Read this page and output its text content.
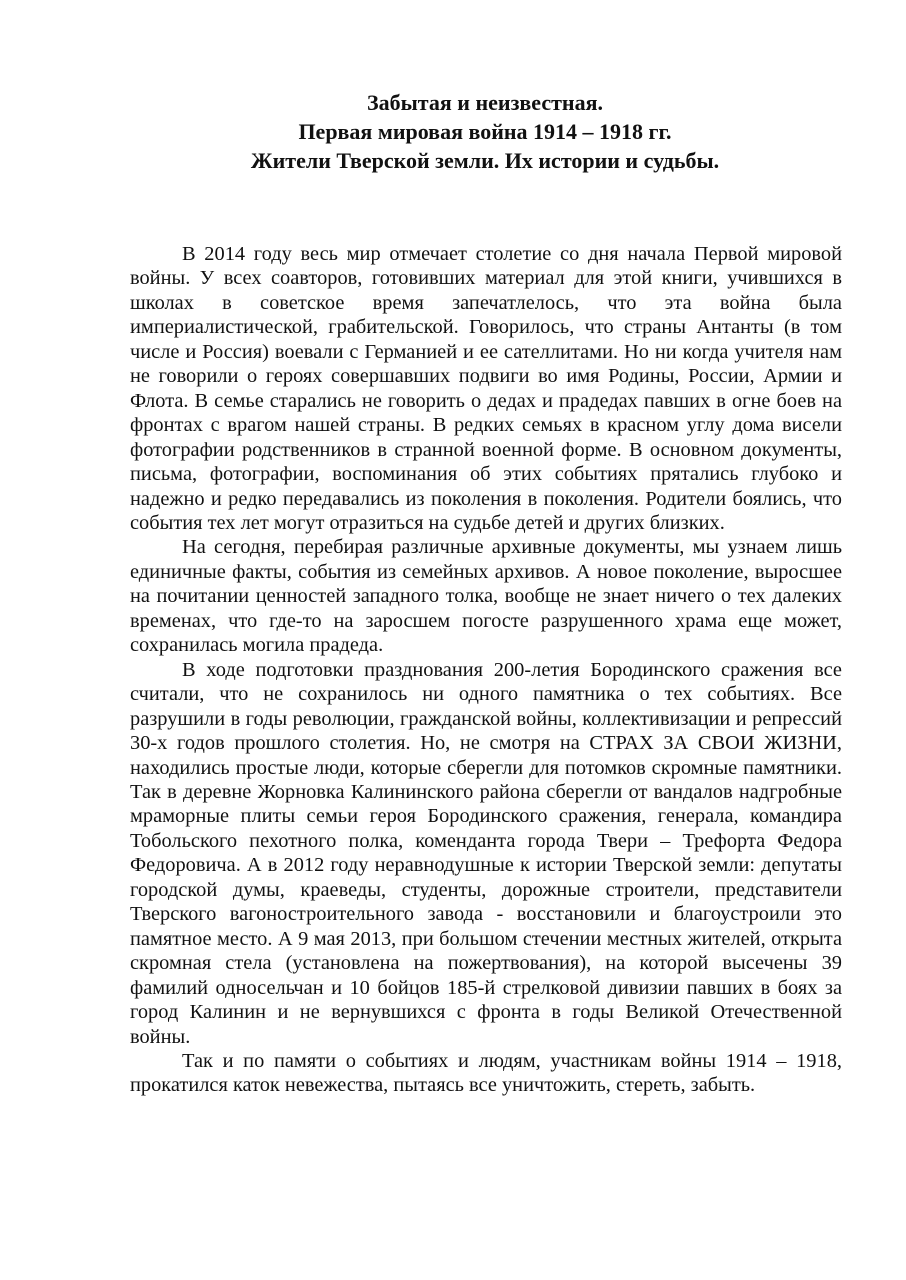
Забытая и неизвестная.
Первая мировая война 1914 – 1918 гг.
Жители Тверской земли. Их истории и судьбы.

В 2014 году весь мир отмечает столетие со дня начала Первой мировой войны. У всех соавторов, готовивших материал для этой книги, учившихся в школах в советское время запечатлелось, что эта война была империалистической, грабительской. Говорилось, что страны Антанты (в том числе и Россия) воевали с Германией и ее сателлитами. Но ни когда учителя нам не говорили о героях совершавших подвиги во имя Родины, России, Армии и Флота. В семье старались не говорить о дедах и прадедах павших в огне боев на фронтах с врагом нашей страны. В редких семьях в красном углу дома висели фотографии родственников в странной военной форме. В основном документы, письма, фотографии, воспоминания об этих событиях прятались глубоко и надежно и редко передавались из поколения в поколения. Родители боялись, что события тех лет могут отразиться на судьбе детей и других близких.

На сегодня, перебирая различные архивные документы, мы узнаем лишь единичные факты, события из семейных архивов. А новое поколение, выросшее на почитании ценностей западного толка, вообще не знает ничего о тех далеких временах, что где-то на заросшем погосте разрушенного храма еще может, сохранилась могила прадеда.

В ходе подготовки празднования 200-летия Бородинского сражения все считали, что не сохранилось ни одного памятника о тех событиях. Все разрушили в годы революции, гражданской войны, коллективизации и репрессий 30-х годов прошлого столетия. Но, не смотря на СТРАХ ЗА СВОИ ЖИЗНИ, находились простые люди, которые сберегли для потомков скромные памятники. Так в деревне Жорновка Калининского района сберегли от вандалов надгробные мраморные плиты семьи героя Бородинского сражения, генерала, командира Тобольского пехотного полка, коменданта города Твери – Трефорта Федора Федоровича. А в 2012 году неравнодушные к истории Тверской земли: депутаты городской думы, краеведы, студенты, дорожные строители, представители Тверского вагоностроительного завода - восстановили и благоустроили это памятное место. А 9 мая 2013, при большом стечении местных жителей, открыта скромная стела (установлена на пожертвования), на которой высечены 39 фамилий односельчан и 10 бойцов 185-й стрелковой дивизии павших в боях за город Калинин и не вернувшихся с фронта в годы Великой Отечественной войны.

Так и по памяти о событиях и людям, участникам войны 1914 – 1918, прокатился каток невежества, пытаясь все уничтожить, стереть, забыть.
